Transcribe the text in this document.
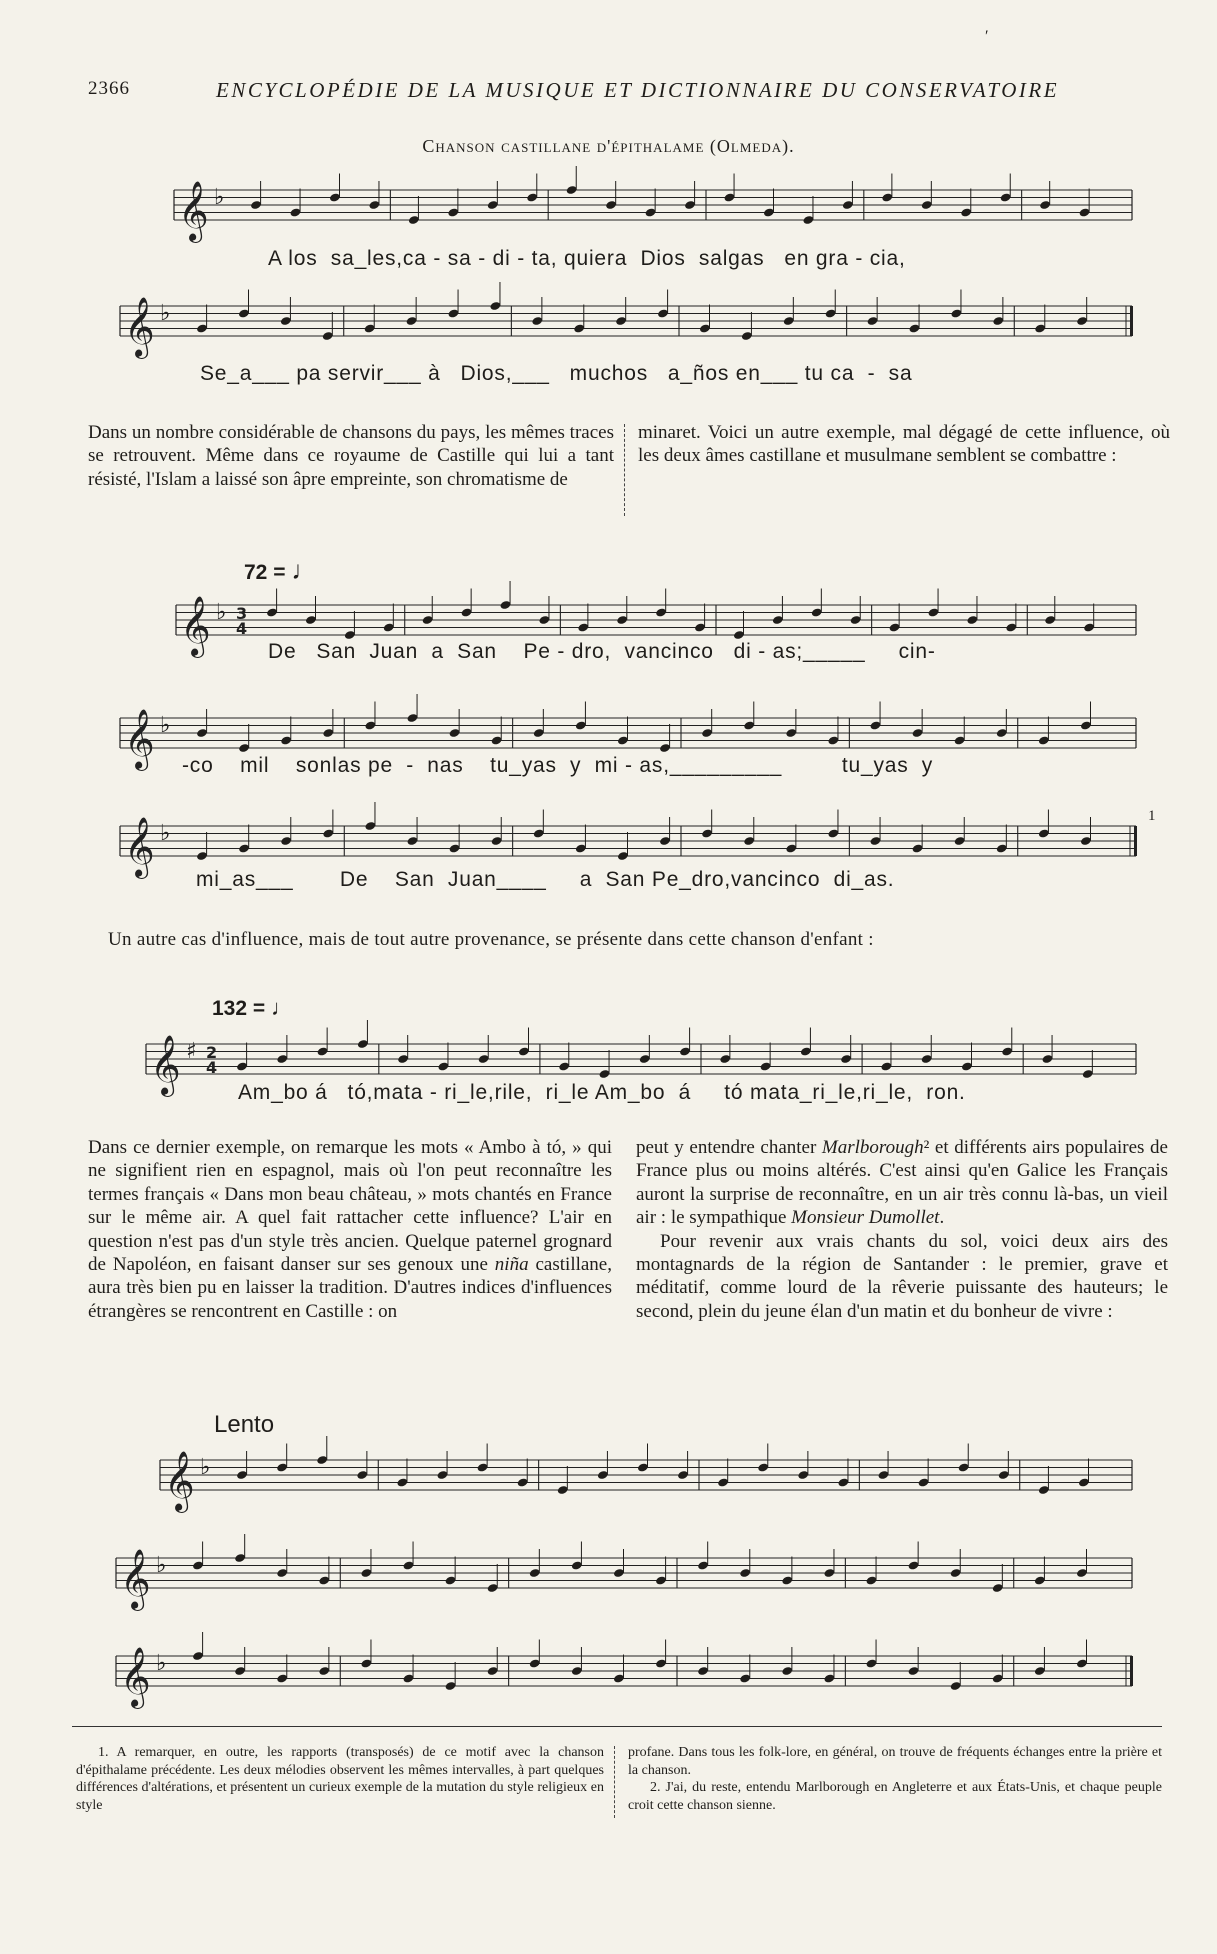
′
2366	ENCYCLOPÉDIE DE LA MUSIQUE ET DICTIONNAIRE DU CONSERVATOIRE
Chanson castillane d'épithalame (Olmeda).
𝄞 ♭
A los  sa_les,ca - sa - di - ta, quiera  Dios  salgas   en gra - cia,
𝄞 ♭
Se_a___ pa servir___ à   Dios,___   muchos   a_ños en___ tu ca  -  sa

Dans un nombre considérable de chansons du pays, les mêmes traces se retrouvent. Même dans ce royaume de Castille qui lui a tant résisté, l'Islam a laissé son âpre empreinte, son chromatisme de

minaret. Voici un autre exemple, mal dégagé de cette influence, où les deux âmes castillane et musulmane semblent se combattre :

72 = ♩
𝄞 ♭ 3
4
De   San  Juan  a  San    Pe - dro,  vancinco   di - as;_____     cin-
𝄞 ♭
-co    mil    sonlas pe  -  nas    tu_yas  y  mi - as,_________         tu_yas  y
𝄞 ♭
1
mi_as___       De    San  Juan____     a  San Pe_dro,vancinco  di_as.
Un autre cas d'influence, mais de tout autre provenance, se présente dans cette chanson d'enfant :
132 = ♩
𝄞 ♯ 2
4
Am_bo á   tó,mata - ri_le,rile,  ri_le Am_bo  á     tó mata_ri_le,ri_le,  ron.

Dans ce dernier exemple, on remarque les mots « Ambo à tó, » qui ne signifient rien en espagnol, mais où l'on peut reconnaître les termes français « Dans mon beau château, » mots chantés en France sur le même air. A quel fait rattacher cette influence? L'air en question n'est pas d'un style très ancien. Quelque paternel grognard de Napoléon, en faisant danser sur ses genoux une niña castillane, aura très bien pu en laisser la tradition. D'autres indices d'influences étrangères se rencontrent en Castille : on

peut y entendre chanter Marlborough² et différents airs populaires de France plus ou moins altérés. C'est ainsi qu'en Galice les Français auront la surprise de reconnaître, en un air très connu là-bas, un vieil air : le sympathique Monsieur Dumollet.

Pour revenir aux vrais chants du sol, voici deux airs des montagnards de la région de Santander : le premier, grave et méditatif, comme lourd de la rêverie puissante des hauteurs; le second, plein du jeune élan d'un matin et du bonheur de vivre :

Lento
𝄞 ♭
𝄞 ♭
𝄞 ♭

1. A remarquer, en outre, les rapports (transposés) de ce motif avec la chanson d'épithalame précédente. Les deux mélodies observent les mêmes intervalles, à part quelques différences d'altérations, et présentent un curieux exemple de la mutation du style religieux en style

profane. Dans tous les folk-lore, en général, on trouve de fréquents échanges entre la prière et la chanson.

2. J'ai, du reste, entendu Marlborough en Angleterre et aux États-Unis, et chaque peuple croit cette chanson sienne.
